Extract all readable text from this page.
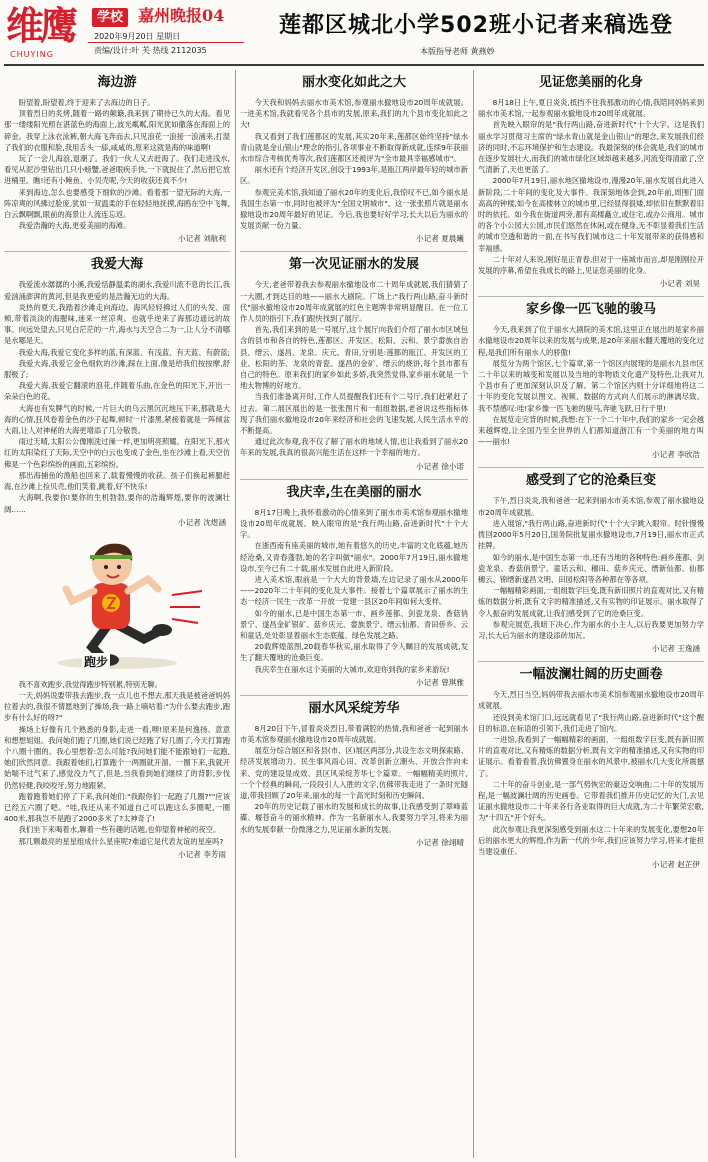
维鹰
CHUYING
学校 嘉州晚报04
2020年9月20日 星期日
责编/设计:叶 芙 热线 2112035
莲都区城北小学502班小记者来稿选登
本版指导老师 黄燕妙
海边游

盼望着,盼望着,终于迎来了去海边的日子。

顶着烈日的炙烤,随着一路的颠簸,我来到了期待已久的大海。看见那一缕缕阳光照在湛蓝色的海面上,波光粼粼,阳光犹如撒落在海面上的碎金。我穿上泳衣泳裤,朝大海飞奔而去,只见浪花一浪接一浪涌来,打湿了我们的衣服和脸,我用舌头一舔,咸咸的,原来这就是海的味道啊!

玩了一会儿海浪,退潮了。我们一伙人又去赶海了。我们走进浅水,看见从泥沙里钻出几只小螃蟹,爸爸眼疾手快,一下就捉住了,然后把它放进桶里。瞧!还有小鲍鱼、小贝壳呢,今天的收获还真不少!

来到海边,怎么也要感受下细软的沙滩。看着那一望无际的大海,一阵凉爽的风拂过脸庞,犹如一双温柔的手在轻轻地抚摸,海鸥在空中飞舞,白云飘啊飘,眼前的海景让人流连忘返。

我爱浩瀚的大海,更爱美丽的海滩。

小记者 刘航利
我爱大海

我爱流水潺潺的小溪,我爱恬静温柔的湖水,我爱川流不息的长江,我爱汹涌澎湃的黄河,但是我更爱的是浩瀚无边的大海。

炎热的夏天,我踏着沙滩走向海边。海风轻轻拂过人们的头发、面颊,带着淡淡的海腥味,迷来一丝凉爽。也就乎逆来了海那边遥远的故事。向远处望去,只见白茫茫的一片,海水与天空合二为一,让人分不清哪是水哪是天。

我爱大海,我爱它变化多样的蓝,有深蓝、有浅蓝、有天蓝、有蔚蓝;

我爱大海,我爱它金色细软的沙滩,踩在上面,像是给我们按按摩,舒服极了;

我爱大海,我爱它翻滚的浪花,伴随着乐曲,在金色的阳光下,开出一朵朵白色的花。

大海也有发脾气的时候,一片巨大的乌云黑沉沉地压下来,那就是大海的心情,狂风卷着金色的沙子起舞,顿时一片漆黑,紧接着就是一阵倾盆大雨,让人对神秘的大海更增添了几分敬畏。

雨过天晴,太阳公公像刚洗过澡一样,更加明亮照耀。在阳光下,那火红的太阳染红了天际,天空中的白云也变成了金色,坐在沙滩上看,天空仿佛是一个色彩缤纷的画面,五彩缤纷。

那出海捕鱼的渔船也回来了,载着慢慢的收获。孩子们换起裤腿赶海,在沙滩上捡贝壳,他们笑着,跳着,好不快乐!

大海啊,我要你!要你的生机勃勃,要你的浩瀚辉煌,要你的波澜壮阔……

小记者 沈煜涵
跑步

我不喜欢跑步,我觉得跑步特别累,特别无聊。

一天,妈妈说要带我去跑步,我一点儿也不想去,那天我是被爸爸妈妈拉着去的,我很不情愿地到了操场,我一路上嘀咕着:"为什么要去跑步,跑步有什么好的呀?"

操场上好像有几个熟悉的身影,走进一看,噢!原来是何逸扬、意意和想想姐姐。我问她们跑了几圈,她们说已经跑了好几圈了,今天打算跑个八圈十圈的。我心里想着:怎么可能?我问她们能不能跟她们一起跑,她们欣然同意。我跟着她们,打算跑个一两圈就开溜。一圈下来,我就开始喘不过气来了,感觉没力气了,但是,当我看到她们继续了的背影,步伐仍然轻健,我咬咬牙,努力地跟紧。

跑着跑着她们停了下来,我问她们:"我跟你们一起跑了几圈?""应该已经五六圈了吧。"哇,我还从来不知道自己可以跑这么多圈呢,一圈400米,那我岂不是跑了2000多米了?太神奇了!

我们坐下来喝着水,聊着一些有趣的话题,也仰望着神秘的夜空。

那几颗最亮的星星组成什么星座呢?难道它是代表友谊的星座吗?

小记者 李芳雨
丽水变化如此之大

今天我和妈妈去丽水市美术馆,参观丽水撤地设市20周年成就展。一进美术馆,我就看见各个县市的发展,原来,我们的九个县市变化如此之大!

我又看到了我们莲都区的发展,其实20年来,莲都区始终坚持"绿水青山就是金山银山"理念的指引,各项事业不断取得新成就,连续9年获丽水市综合考核优秀等次,我们莲都区还被评为"全市最具幸福感城市"。

丽水还有个经济开发区,创设于1993年,是瓯江两岸最年轻的城市新区。

参观完美术馆,我知道了丽水20年的变化后,我惊叹不已,如今丽水是我国生态第一市,同时也被评为"全国文明城市"。这一张张照片就是丽水撤地设市20周年最好的见证。今后,我也要好好学习,长大以后为丽水的发展贡献一份力量。

小记者 夏晨曦
第一次见证丽水的发展

今天,老爸带着我去参观丽水撤地设市二十周年成就展,我们猜猜了一大圈,才到达目的地——丽水大剧院。广场上:"我行两山路,奋斗新时代"丽水撤地设市20周年成就展的红色主题牌非常明显醒目。在一位工作人员的指引下,我们跟快找到了展厅。

首先,我们来到的是一号展厅,这个展厅向我们介绍了丽水市区域包含的县市和各自的特色,莲都区、开发区、松阳、云和、景宁畲族自治县、缙云、遂昌、龙泉、庆元、青田,分别是:莲都的瓯江、开发区的工业、松阳的茶、龙泉的青瓷、遂昌的金矿、缙云的烧饼,每个县市都有自己的特色。原来我们的家乡如此多娇,我突然觉得,家乡丽水就是一个地大物博的好地方。

当我们准备离开时,工作人员提醒我们还有个二号厅,我们赶紧赶了过去。第二展区展出的是一张张图片和一组组数据,老爸说这些指标体现了我们丽水撤地设市20年来经济和社会的飞速发展,人民生活水平的不断提高。

通过此次参观,我不仅了解了丽水的地域人情,也让我看到了丽水20年来的发展,我真的很高兴能生活在这样一个幸福的地方。

小记者 徐小诺
我庆幸,生在美丽的丽水

8月17日晚上,我怀着激动的心情来到了丽水市美术馆参观丽水撤地设市20周年成就展。映入眼帘的是"我行两山路,奋进新时代"十个大字。

在浙西南有座美丽的城市,她有着悠久的历史,丰富的文化底蕴,她历经沧桑,又青春蓬勃,她的名字叫做"丽水"。2000年7月19日,丽水撤地设市,至今已有二十载,丽水发展自此进入新阶段。

进入美术馆,眼前是一个大大的背景墙,左边记录了丽水从2000年——2020年二十年间的变化及大事件。接着七个篇章展示了丽水的生态一经济一民生一改革一开放一党建一县区20年间如何大变样。

如今的丽水,已是中国生态第一市、画乡莲都、剑瓷龙泉、香菇俏景宁、遂昌金矿银矿、菇乡庆元、畲族景宁、缙云仙都、青田侨乡、云和童话,处处彰显着丽水生态底蕴、绿色发展之路。

20载辉煌蓝图,20载春华秋实,丽水取得了令人瞩目的发展成就,发生了翻天覆地的沧桑巨变。

我庆幸生在丽水这个美丽的大城市,欢迎你到我的家乡来游玩!

小记者 曾琪雅
丽水风采绽芳华

8月20日下午,冒着炎炎烈日,带着满腔的热情,我和爸爸一起到丽水市美术馆参观丽水撤地设市20周年成就展。

展览分综合展区和各县(市、区)展区两部分,共设生态文明探索路、经济发展增动力、民生事风雨心田、改革创新立潮头、开放合作向未来、党的建设显成效、县区风采绽芳华七个篇章。一幅幅精美的照片,一个个经典的瞬间,一段段引人入胜的文字,仿佛带我走进了一条时光隧道,带我回顾了20年来,丽水的每一个高光时刻和历史瞬间。

20年的历史记载了丽水的发展和成长的故事,让我感受到了翠峰蓝碟、堰苍奋斗的丽水精神。作为一名新丽水人,我要努力学习,将来为丽水的发展奉献一份微薄之力,见证丽水新的发展。

小记者 徐翊晴
见证您美丽的化身

8月18日上午,夏日炎炎,抵挡不住我那激动的心情,我陪同妈妈来到丽水市美术馆,一起参观丽水撤地设市20周年成就展。

首先映入眼帘的是"我行两山路,奋进新时代"十个大字。这是我们丽水学习贯彻习主席的"绿水青山就是金山银山"的理念,来发展我们经济的同时,不忘环境保护和生态建设。我最深刻的体会就是,我们的城市在逐步发展壮大,而我们的城市绿化区域却越来越多,河流变得清澈了,空气清新了,天也更蓝了。

2000年7月19日,丽水地区撤地设市,漫漫20年,丽水发展自此进入新阶段,二十年间的变化及大事件。我深刻地体会到,20年前,周围门面高高的钟楼,如今在高楼林立的城市里,已经显得很矮,却依旧在默默着旧时的依托。如今我在街道两旁,都有高楼矗立,或住宅,或办公商用。城市的各个小公园大公园,市民们悠然在休闲,或在健身,无不彰显着我们生活的城市空透和谐的一面,在书写我们城市这二十年发展带来的获得感和幸福感。

二十年对人来说,刚好是正青春,但对于一座城市而言,却是刚刚拉开发展的序幕,希望在我成长的路上,见证您美丽的化身。

小记者 刘昊
家乡像一匹飞驰的骏马

今天,我来到了位于丽水大剧院的美术馆,这里正在展出的是家乡丽水撤地设市20周年以来的发展与成果,是20年来丽水翻天覆地的变化过程,是我们所有丽水人的骄傲!

展览分为两个馆区,七个篇章,第一个馆区内展现的是丽水九县市区二十年以来的城变和发展以及当地的非物质文化遗产及特色,让我对九个县市有了更加深刻认识及了解。第二个馆区内则十分详细地将这二十年的变化发展以图文、视频、数据的方式向人们展示的淋漓尽致。我不禁感叹:哇!家乡像一匹飞驰的骏马,奔驰飞跃,日行千里!

在展览走完背的时候,我想:在下一个二十年中,我们的家乡一定会越来越辉煌,让全国乃至全世界的人们都知道浙江有一个美丽的地方叫——丽水!

小记者 李欣浩
感受到了它的沧桑巨变

下午,烈日炎炎,我和爸爸一起来到丽水市美术馆,参观了丽水撤地设市20周年成就展。

进入展馆,"我行两山路,奋进新时代"十个大字跳入眼帘。时针慢慢拨回2000年5月20日,国务院批复丽水撤地设市,7月19日,丽水市正式挂牌。

如今的丽水,是中国生态第一市,还有当地的各种特色:画乡莲都、剑瓷龙泉、香菇俏景宁、童话云和、穗田、菇乡庆元、缙新仙都、仙都穗云、锦缙新遂昌文明、田园松阳等各种都在等各项。

一幅幅精彩画面,一组组数字巨变,既有新旧照片的直观对比,又有精炼的数据分析,既有文字的精准描述,又有实物的印证展示。丽水取得了令人振奋的发展成就,让我们感受到了它的沧桑巨变。

参观完展览,我暗下决心,作为丽水的小主人,以后我要更加努力学习,长大后为丽水的建设添砖加瓦。

小记者 王逸涵
一幅波澜壮阔的历史画卷

今天,烈日当空,妈妈带我去丽水市美术馆参观丽水撤地设市20周年成就展。

还没到美术馆门口,远远就看见了"我行两山路,奋进新时代"这个醒目的标语,在标语的引领下,我们走进了馆内。

一进馆,我看到了一幅幅精彩的画面、一组组数字巨变,既有新旧照片的直观对比,又有精炼的数据分析,既有文字的精准描述,又有实物的印证展示。看着看着,我仿佛置身在丽水的风景中,被丽水几大变化所震撼了。

二十年的奋斗创业,是一部气势恢宏的豪迈交响曲;二十年的发展历程,是一幅波澜壮阔的历史画卷。它带着我们推开历史记忆的大门,去见证丽水撤地设市二十年来各行各业取得的巨大成就,为二十年繁荣宏歌,为"十四五"开个好头。

此次参观让我更深刻感受到丽水这二十年来的发展变化,要想20年后的丽水更大的辉煌,作为新一代的少年,我们应该努力学习,将来才能担当建设重任。

小记者 赵芷伊
